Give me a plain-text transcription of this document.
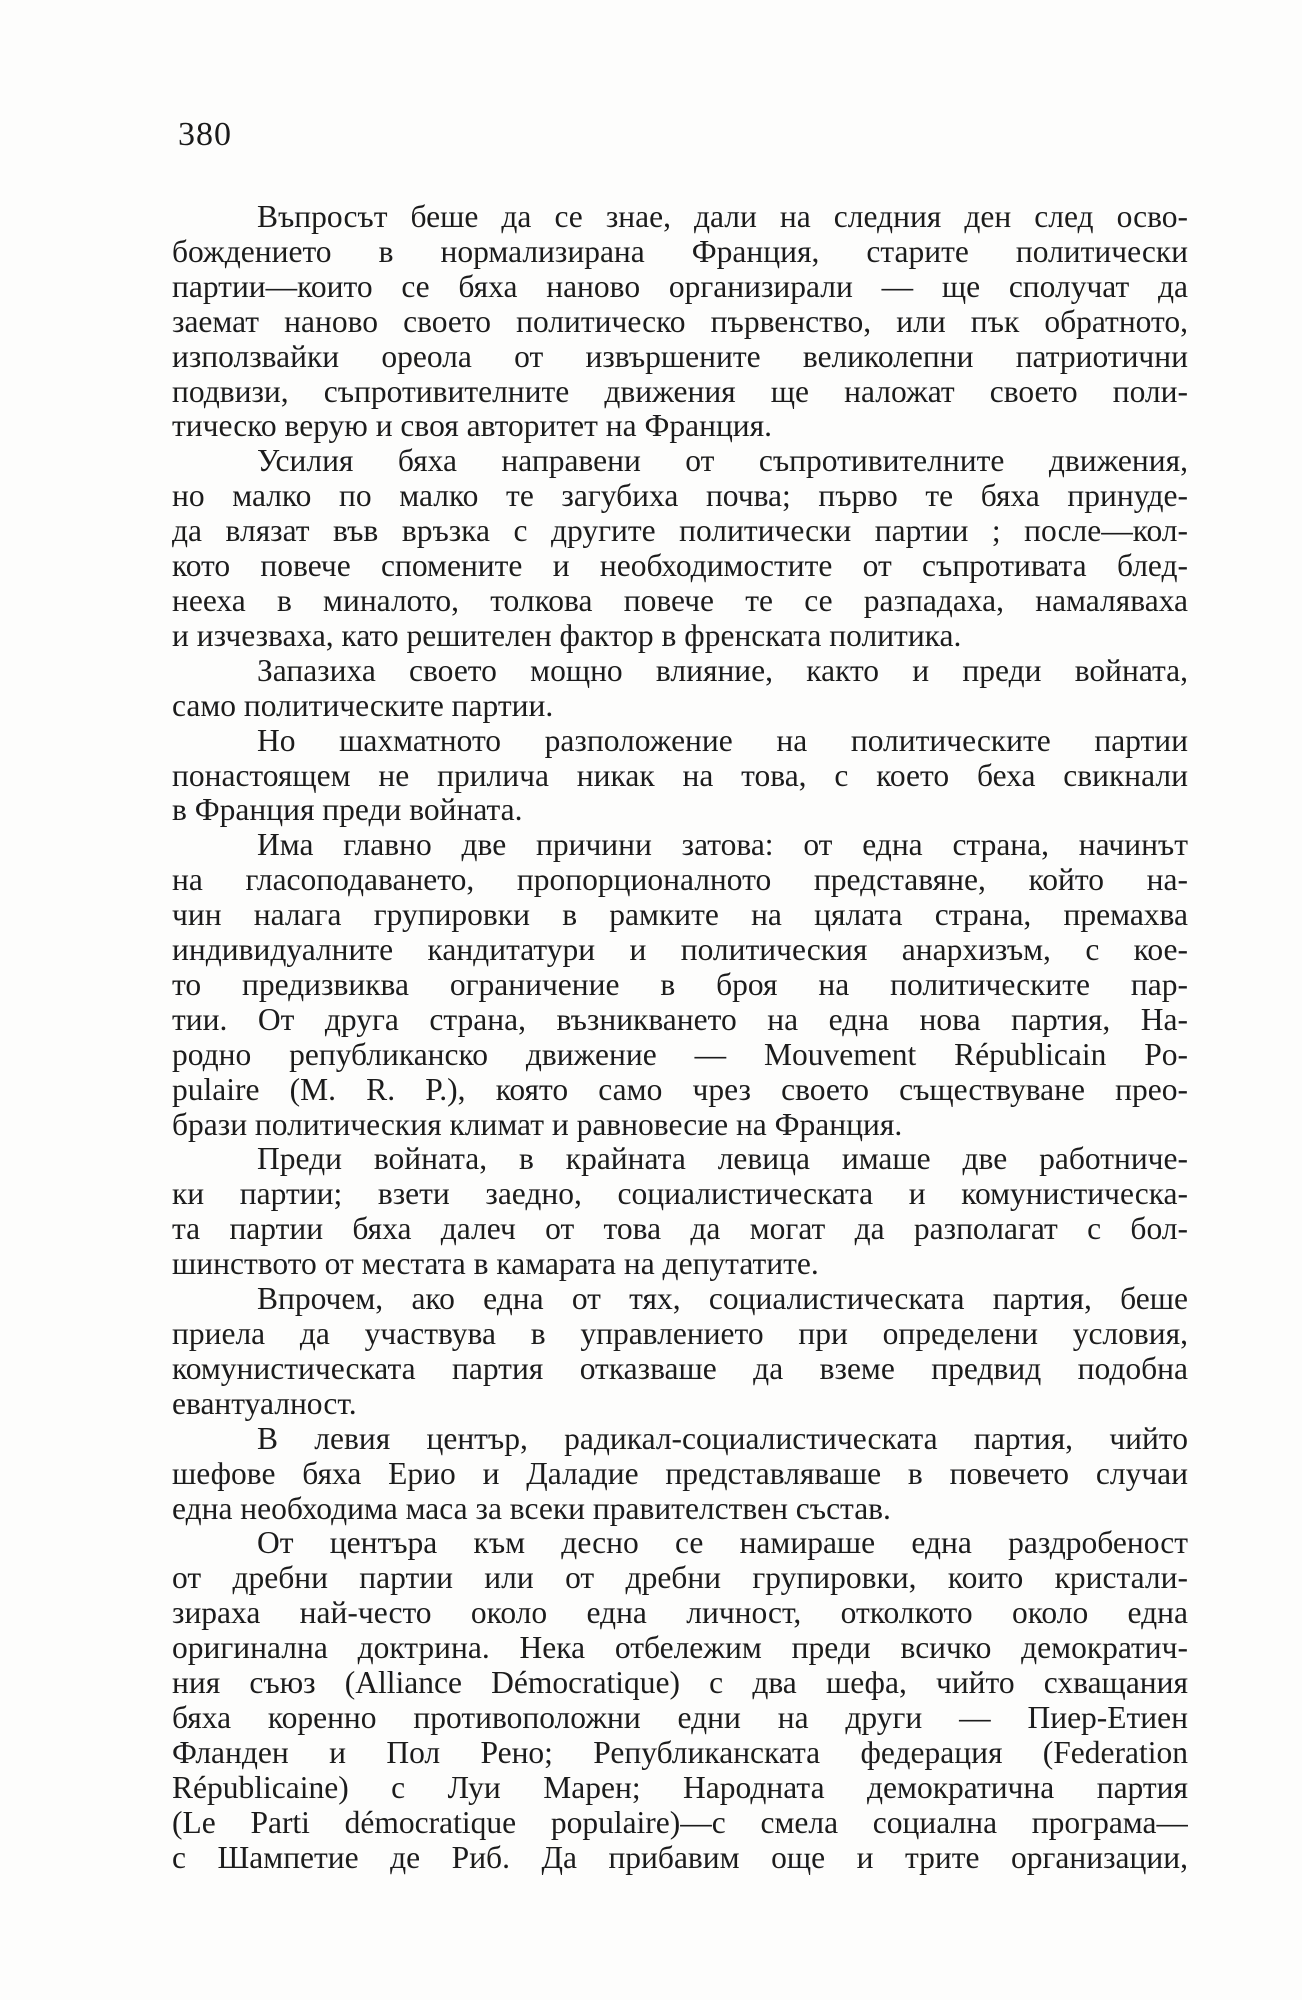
380
Въпросът беше да се знае, дали на следния ден след осво-
бождението в нормализирана Франция, старите политически
партии—които се бяха наново организирали — ще сполучат да
заемат наново своето политическо първенство, или пък обратното,
използвайки ореола от извършените великолепни патриотични
подвизи, съпротивителните движения ще наложат своето поли-
тическо верую и своя авторитет на Франция.
Усилия бяха направени от съпротивителните движения,
но малко по малко те загубиха почва; първо те бяха принуде-
да влязат във връзка с другите политически партии ; после—кол-
кото повече спомените и необходимостите от съпротивата блед-
нееха в миналото, толкова повече те се разпадаха, намаляваха
и изчезваха, като решителен фактор в френската политика.
Запазиха своето мощно влияние, както и преди войната,
само политическите партии.
Но шахматното разположение на политическите партии
понастоящем не прилича никак на това, с което беха свикнали
в Франция преди войната.
Има главно две причини затова: от една страна, начинът
на гласоподаването, пропорционалното представяне, който на-
чин налага групировки в рамките на цялата страна, премахва
индивидуалните кандитатури и политическия анархизъм, с кое-
то предизвиква ограничение в броя на политическите пар-
тии. От друга страна, възникването на една нова партия, На-
родно републиканско движение — Mouvement Républicain Po-
pulaire (M. R. P.), която само чрез своето съществуване прео-
брази политическия климат и равновесие на Франция.
Преди войната, в крайната левица имаше две работниче-
ки партии; взети заедно, социалистическата и комунистическа-
та партии бяха далеч от това да могат да разполагат с бол-
шинството от местата в камарата на депутатите.
Впрочем, ако една от тях, социалистическата партия, беше
приела да участвува в управлението при определени условия,
комунистическата партия отказваше да вземе предвид подобна
евантуалност.
В левия център, радикал-социалистическата партия, чийто
шефове бяха Ерио и Даладие представляваше в повечето случаи
една необходима маса за всеки правителствен състав.
От центъра към десно се намираше една раздробеност
от дребни партии или от дребни групировки, които кристали-
зираха най-често около една личност, отколкото около една
оригинална доктрина. Нека отбележим преди всичко демократич-
ния съюз (Alliance Démocratique) с два шефа, чийто схващания
бяха коренно противоположни едни на други — Пиер-Етиен
Фланден и Пол Рено; Републиканската федерация (Federation
Républicaine) с Луи Марен; Народната демократична партия
(Le Parti démocratique populaire)—с смела социална програма—
с Шампетие де Риб. Да прибавим още и трите организации,
